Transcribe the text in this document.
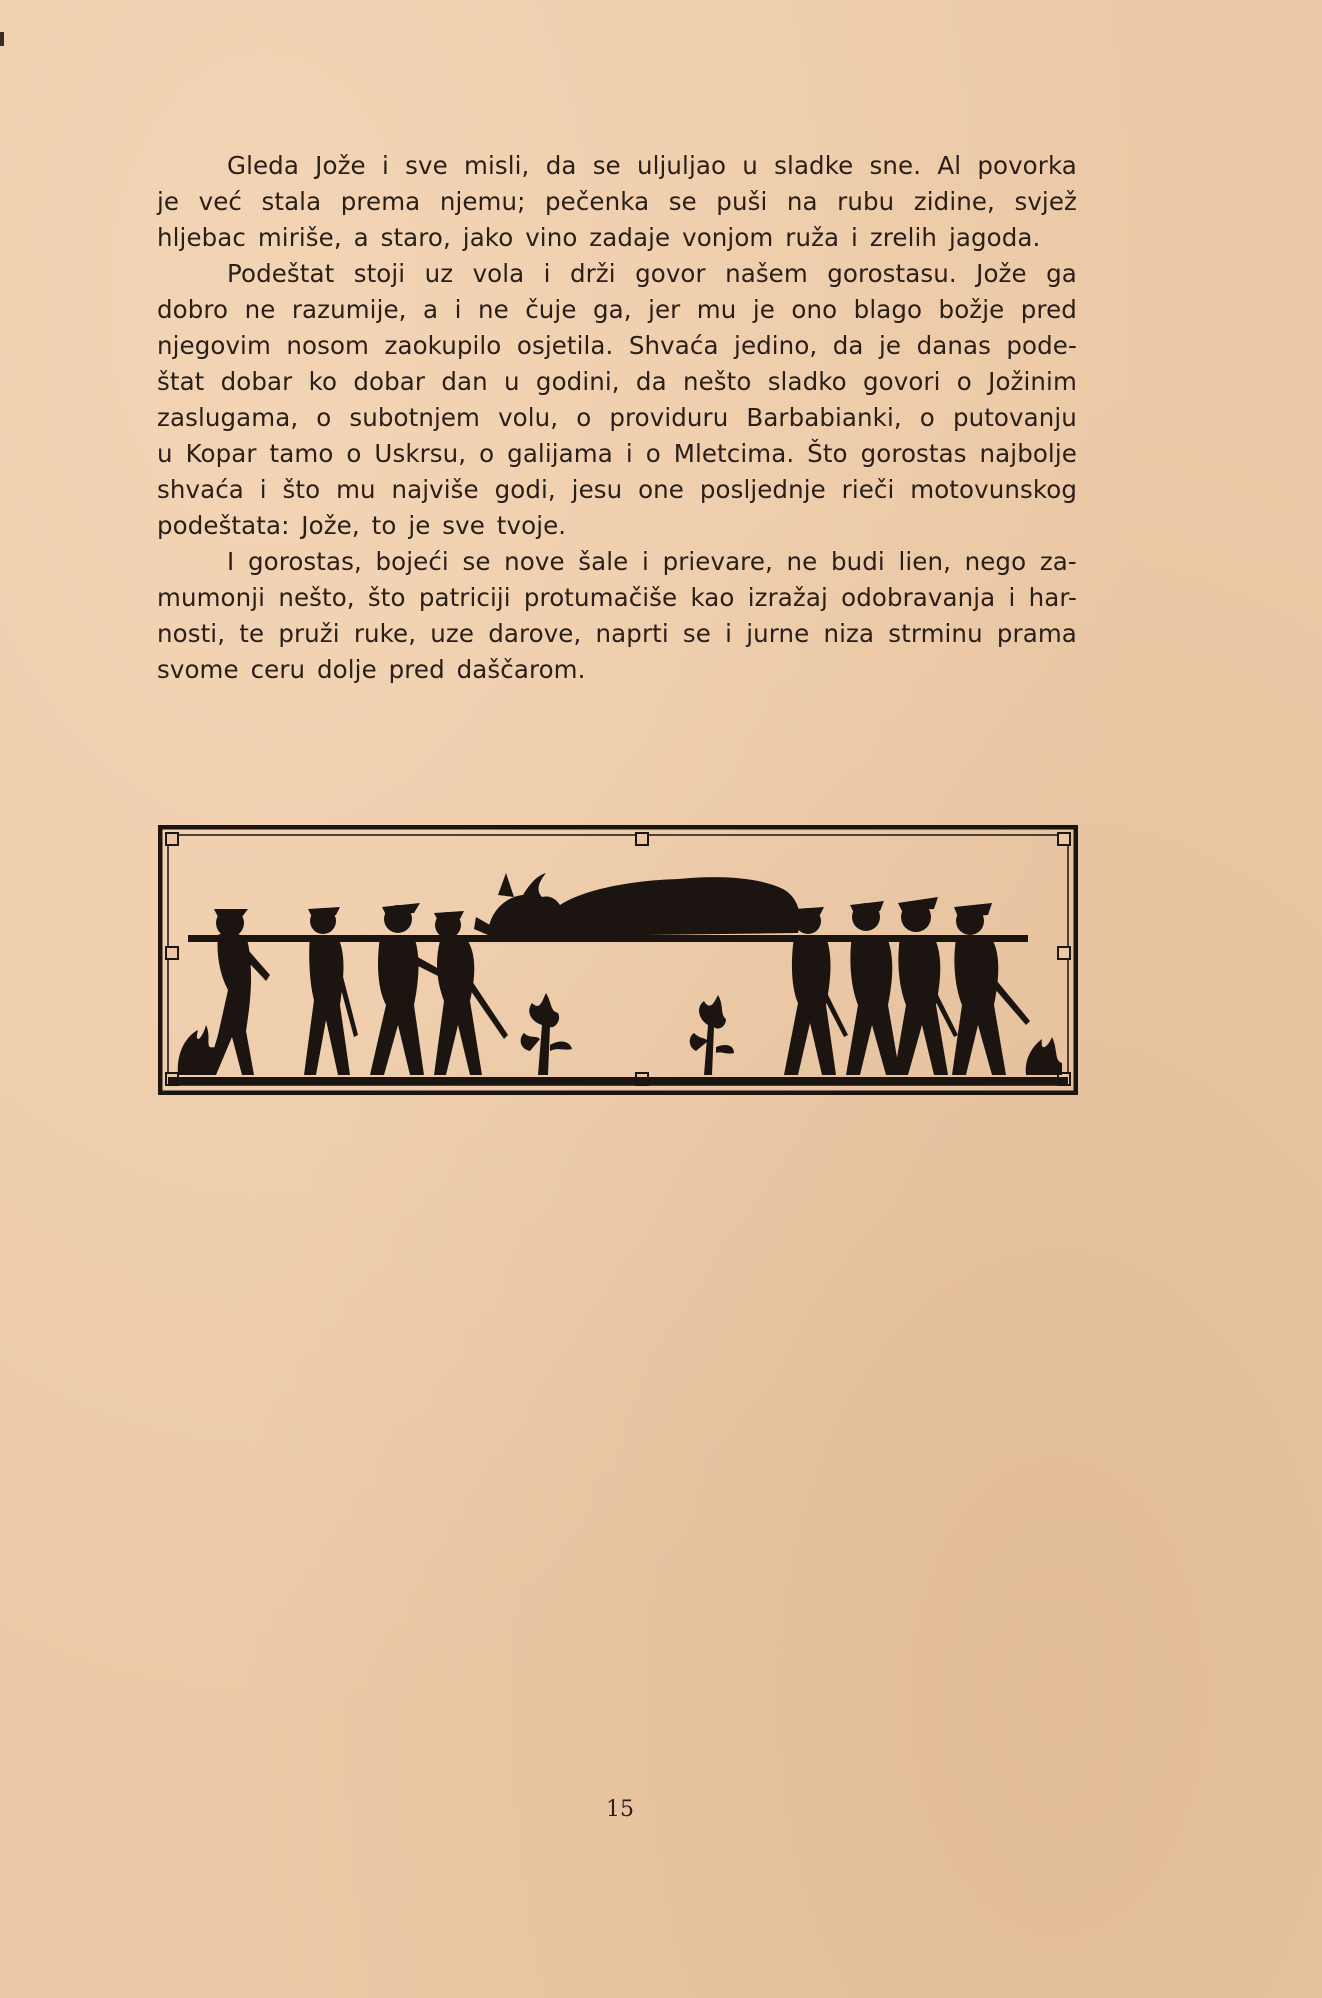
Gleda Jože i sve misli, da se uljuljao u sladke sne. Al povorka
je već stala prema njemu; pečenka se puši na rubu zidine, svjež
hljebac miriše, a staro, jako vino zadaje vonjom ruža i zrelih jagoda.
Podeštat stoji uz vola i drži govor našem gorostasu. Jože ga
dobro ne razumije, a i ne čuje ga, jer mu je ono blago božje pred
njegovim nosom zaokupilo osjetila. Shvaća jedino, da je danas pode-
štat dobar ko dobar dan u godini, da nešto sladko govori o Jožinim
zaslugama, o subotnjem volu, o providuru Barbabianki, o putovanju
u Kopar tamo o Uskrsu, o galijama i o Mletcima. Što gorostas najbolje
shvaća i što mu najviše godi, jesu one posljednje rieči motovunskog
podeštata: Jože, to je sve tvoje.
I gorostas, bojeći se nove šale i prievare, ne budi lien, nego za-
mumonji nešto, što patriciji protumačiše kao izražaj odobravanja i har-
nosti, te pruži ruke, uze darove, naprti se i jurne niza strminu prama
svome ceru dolje pred daščarom.
15
